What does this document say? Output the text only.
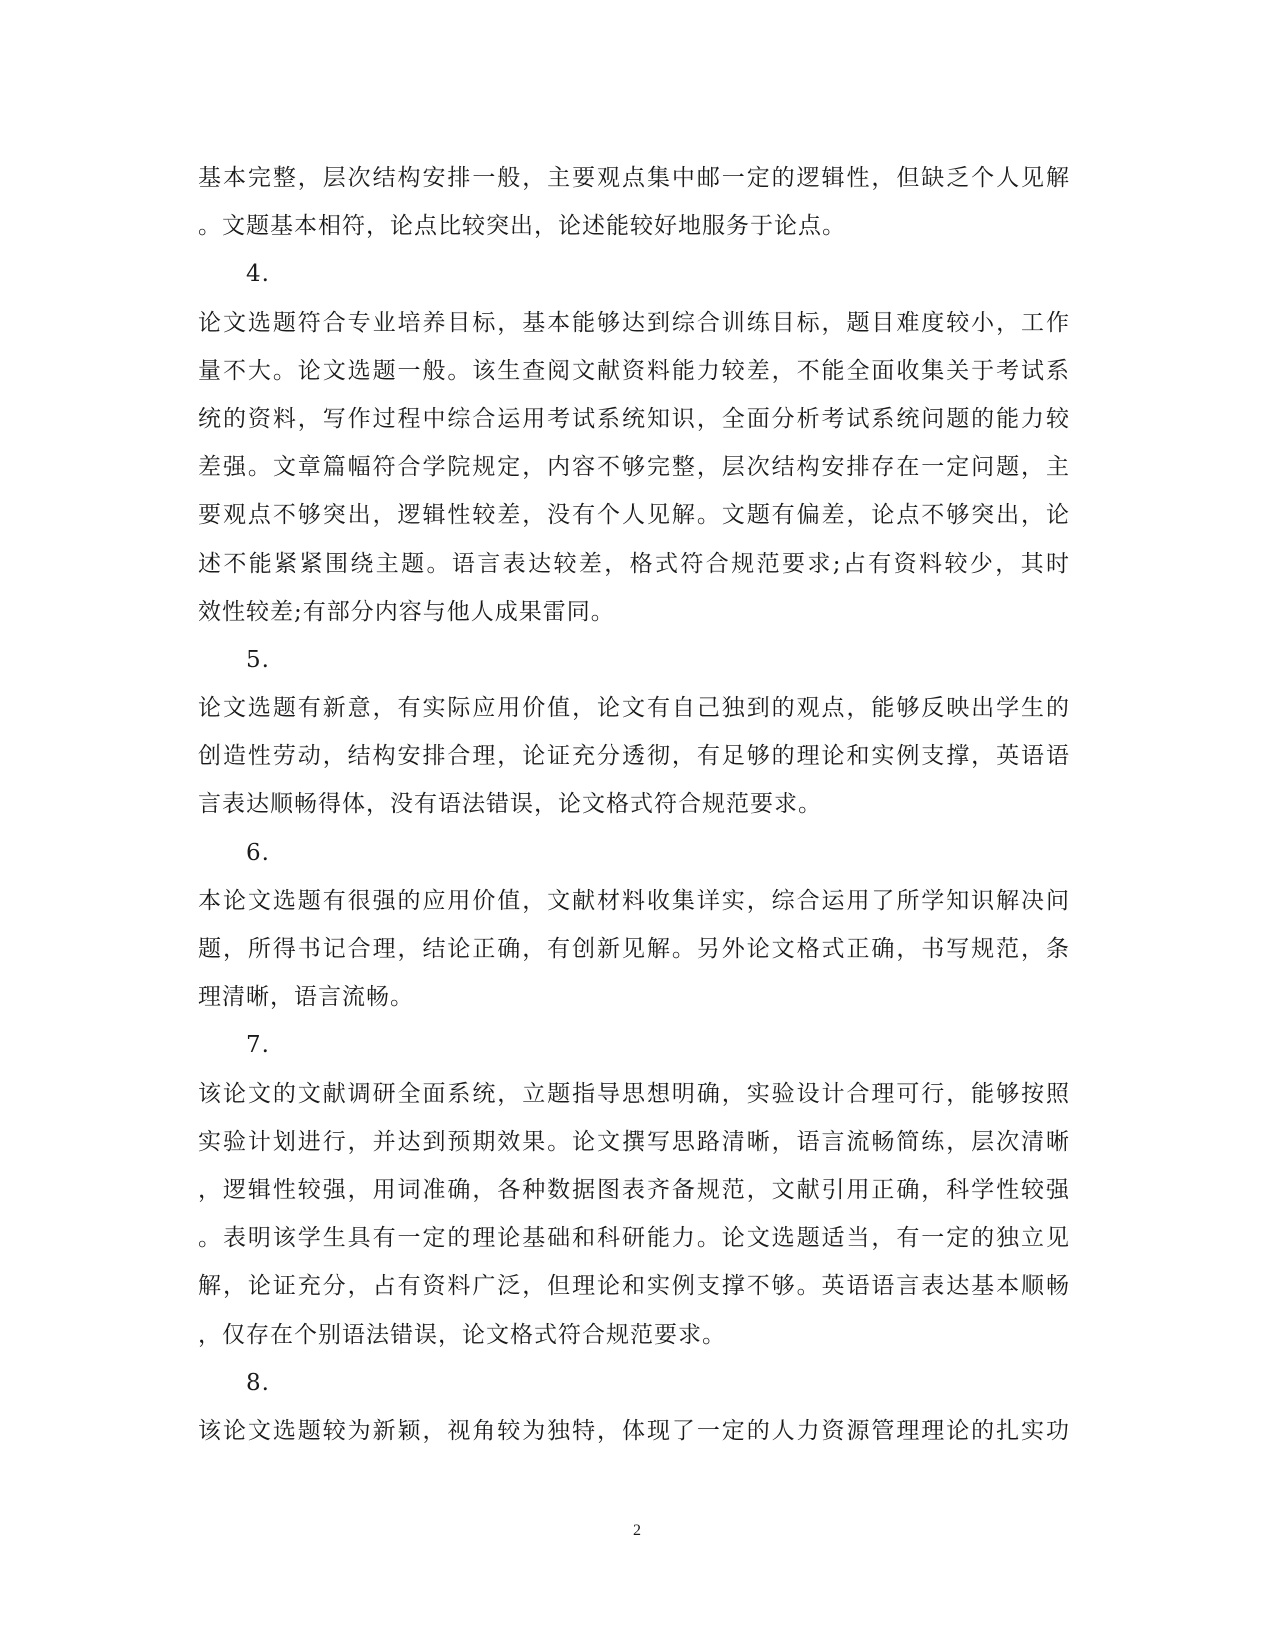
基本完整，层次结构安排一般，主要观点集中邮一定的逻辑性，但缺乏个人见解
。文题基本相符，论点比较突出，论述能较好地服务于论点。
4.
论文选题符合专业培养目标，基本能够达到综合训练目标，题目难度较小，工作
量不大。论文选题一般。该生查阅文献资料能力较差，不能全面收集关于考试系
统的资料，写作过程中综合运用考试系统知识，全面分析考试系统问题的能力较
差强。文章篇幅符合学院规定，内容不够完整，层次结构安排存在一定问题，主
要观点不够突出，逻辑性较差，没有个人见解。文题有偏差，论点不够突出，论
述不能紧紧围绕主题。语言表达较差，格式符合规范要求;占有资料较少，其时
效性较差;有部分内容与他人成果雷同。
5.
论文选题有新意，有实际应用价值，论文有自己独到的观点，能够反映出学生的
创造性劳动，结构安排合理，论证充分透彻，有足够的理论和实例支撑，英语语
言表达顺畅得体，没有语法错误，论文格式符合规范要求。
6.
本论文选题有很强的应用价值，文献材料收集详实，综合运用了所学知识解决问
题，所得书记合理，结论正确，有创新见解。另外论文格式正确，书写规范，条
理清晰，语言流畅。
7.
该论文的文献调研全面系统，立题指导思想明确，实验设计合理可行，能够按照
实验计划进行，并达到预期效果。论文撰写思路清晰，语言流畅简练，层次清晰
，逻辑性较强，用词准确，各种数据图表齐备规范，文献引用正确，科学性较强
。表明该学生具有一定的理论基础和科研能力。论文选题适当，有一定的独立见
解，论证充分，占有资料广泛，但理论和实例支撑不够。英语语言表达基本顺畅
，仅存在个别语法错误，论文格式符合规范要求。
8.
该论文选题较为新颖，视角较为独特，体现了一定的人力资源管理理论的扎实功
2
